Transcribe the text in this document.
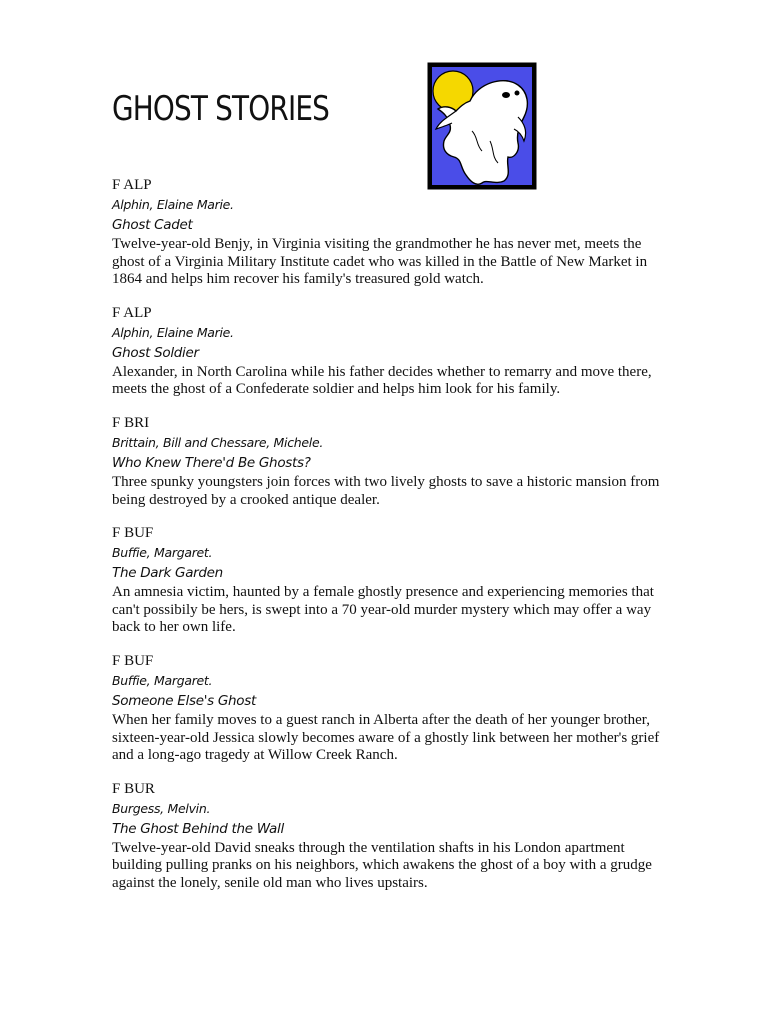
GHOST STORIES
F ALP
Alphin, Elaine Marie.
Ghost Cadet

Twelve-year-old Benjy, in Virginia visiting the grandmother he has never met, meets the ghost of a Virginia Military Institute cadet who was killed in the Battle of New Market in 1864 and helps him recover his family's treasured gold watch.

F ALP
Alphin, Elaine Marie.
Ghost Soldier

Alexander, in North Carolina while his father decides whether to remarry and move there, meets the ghost of a Confederate soldier and helps him look for his family.

F BRI
Brittain, Bill and Chessare, Michele.
Who Knew There'd Be Ghosts?

Three spunky youngsters join forces with two lively ghosts to save a historic mansion from being destroyed by a crooked antique dealer.

F BUF
Buffie, Margaret.
The Dark Garden

An amnesia victim, haunted by a female ghostly presence and experiencing memories that can't possibily be hers, is swept into a 70 year-old murder mystery which may offer a way back to her own life.

F BUF
Buffie, Margaret.
Someone Else's Ghost

When her family moves to a guest ranch in Alberta after the death of her younger brother, sixteen-year-old Jessica slowly becomes aware of a ghostly link between her mother's grief and a long-ago tragedy at Willow Creek Ranch.

F BUR
Burgess, Melvin.
The Ghost Behind the Wall

Twelve-year-old David sneaks through the ventilation shafts in his London apartment building pulling pranks on his neighbors, which awakens the ghost of a boy with a grudge against the lonely, senile old man who lives upstairs.
